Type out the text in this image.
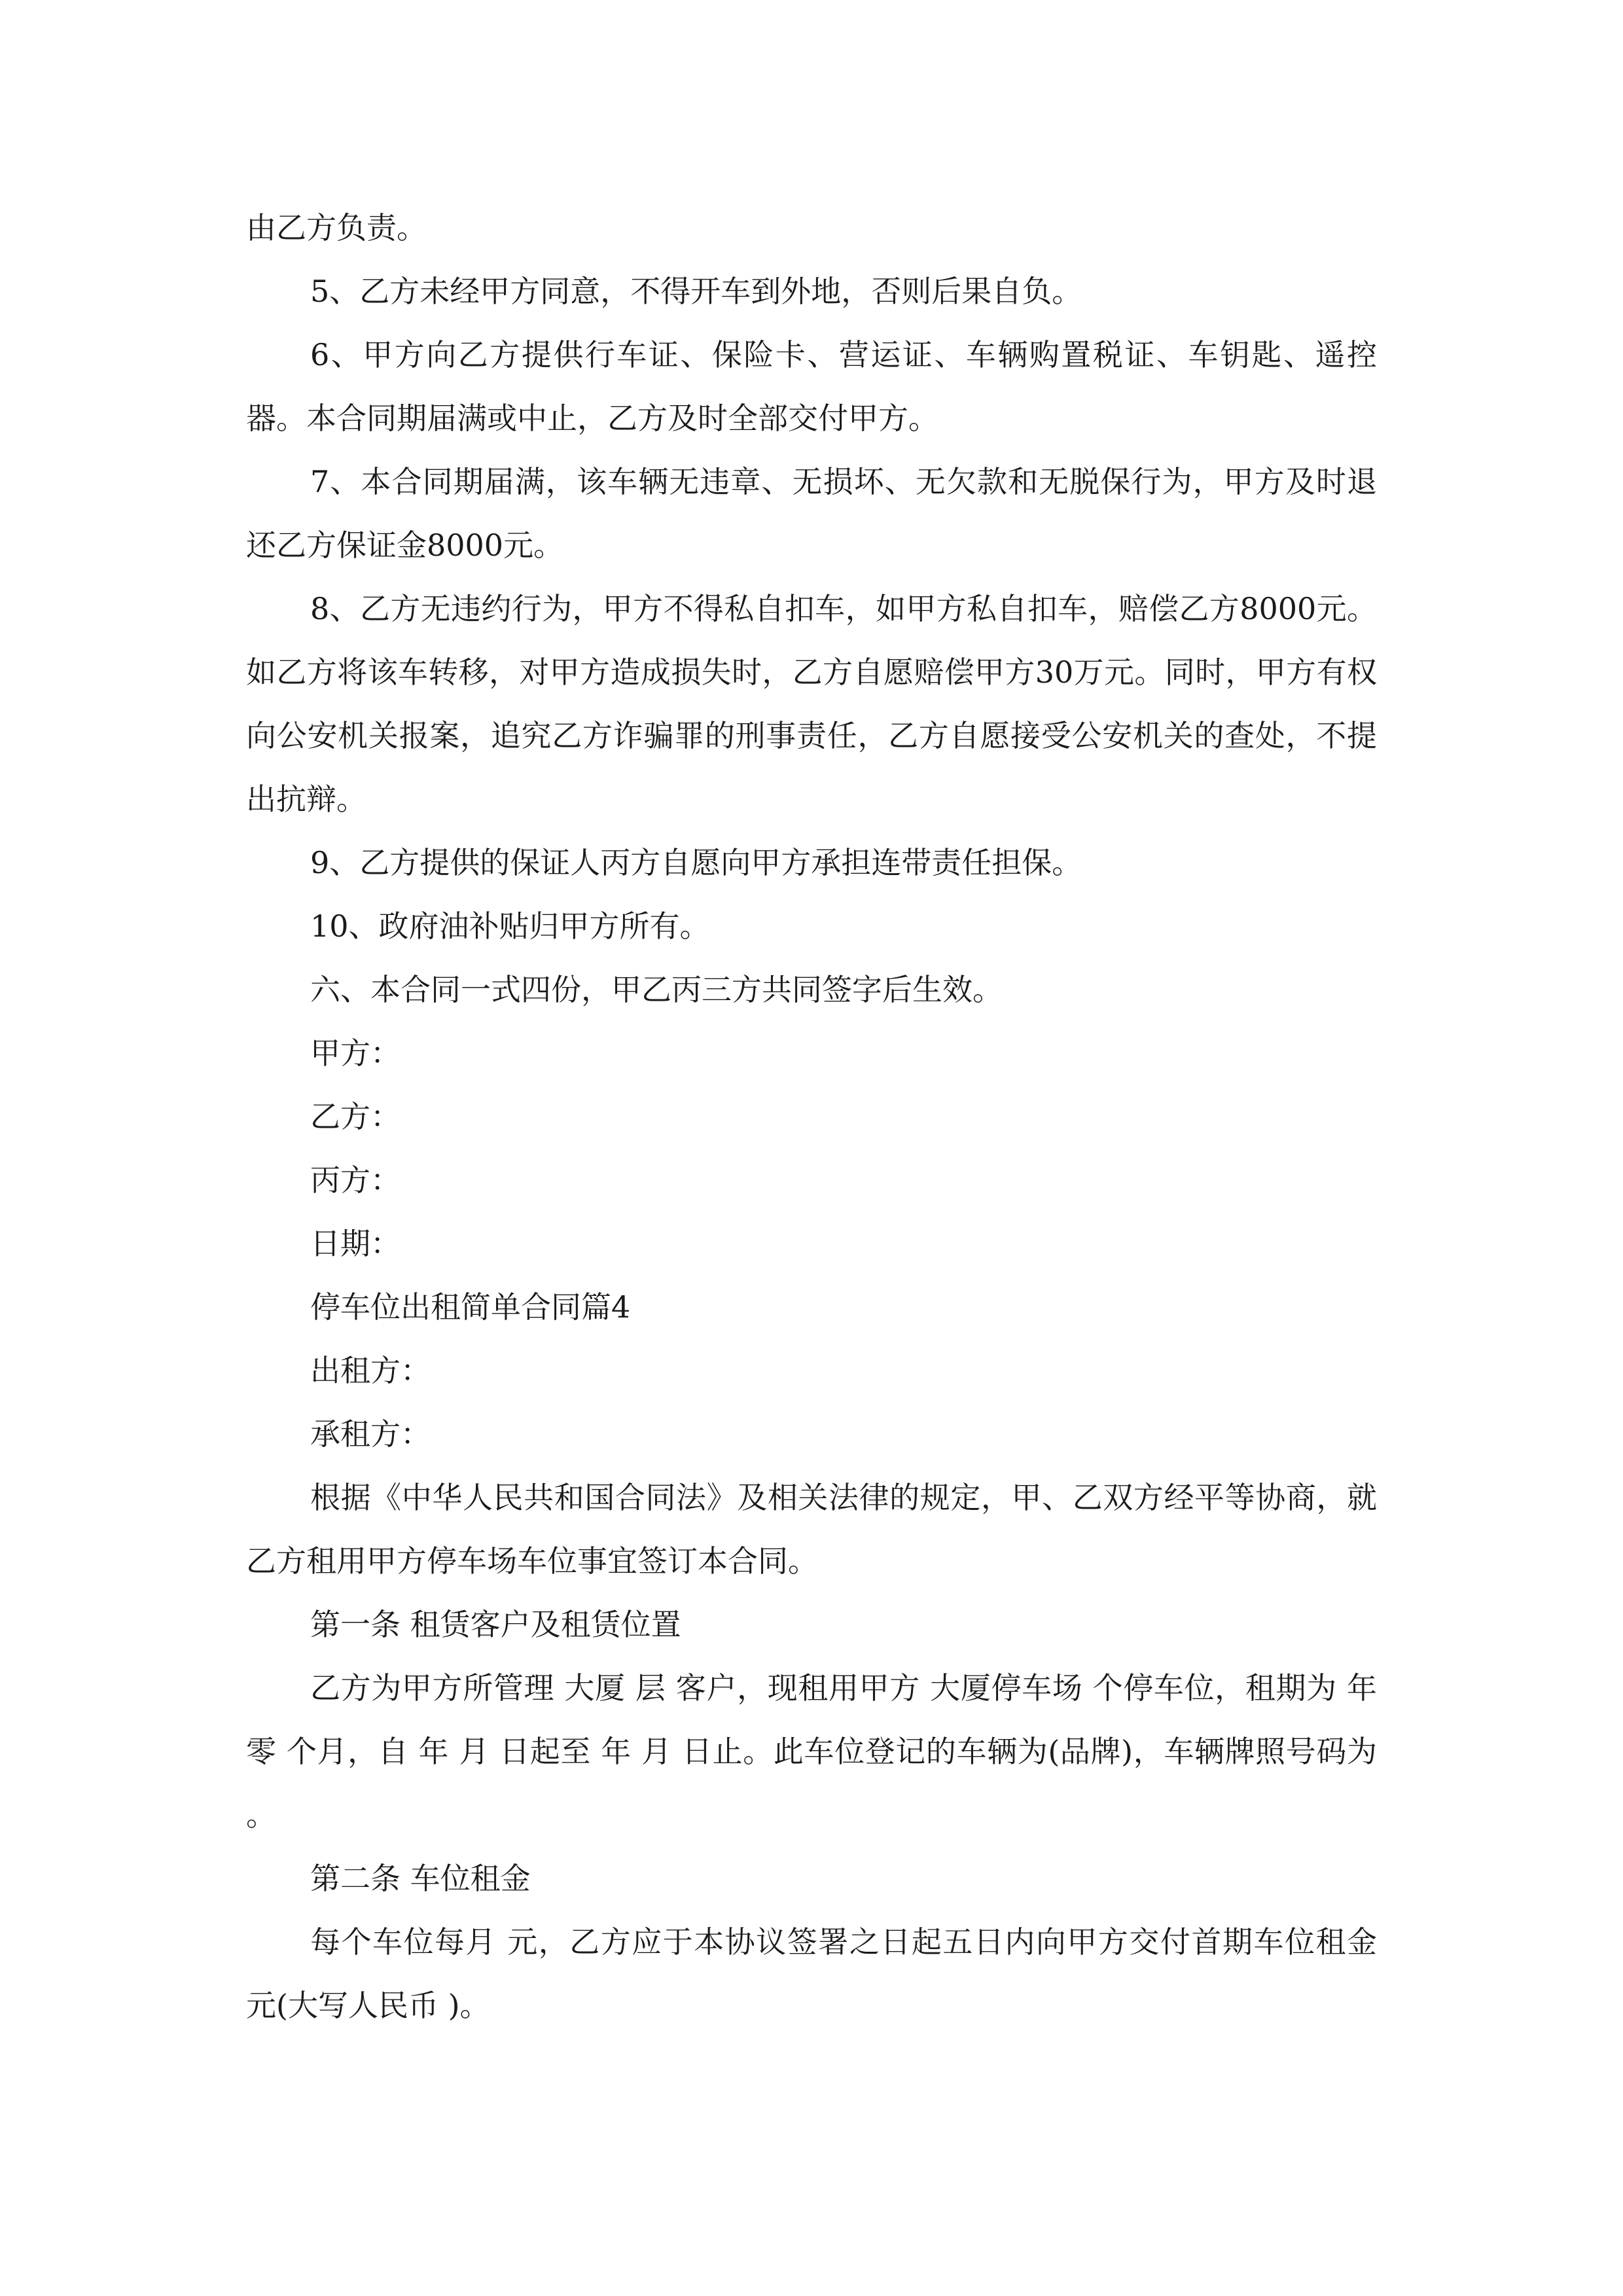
由乙方负责。

5、乙方未经甲方同意，不得开车到外地，否则后果自负。

6、甲方向乙方提供行车证、保险卡、营运证、车辆购置税证、车钥匙、遥控器。本合同期届满或中止，乙方及时全部交付甲方。

7、本合同期届满，该车辆无违章、无损坏、无欠款和无脱保行为，甲方及时退还乙方保证金8000元。

8、乙方无违约行为，甲方不得私自扣车，如甲方私自扣车，赔偿乙方8000元。如乙方将该车转移，对甲方造成损失时，乙方自愿赔偿甲方30万元。同时，甲方有权向公安机关报案，追究乙方诈骗罪的刑事责任，乙方自愿接受公安机关的查处，不提出抗辩。

9、乙方提供的保证人丙方自愿向甲方承担连带责任担保。

10、政府油补贴归甲方所有。

六、本合同一式四份，甲乙丙三方共同签字后生效。

甲方：

乙方：

丙方：

日期：

停车位出租简单合同篇4

出租方：

承租方：

根据《中华人民共和国合同法》及相关法律的规定，甲、乙双方经平等协商，就乙方租用甲方停车场车位事宜签订本合同。

第一条 租赁客户及租赁位置

乙方为甲方所管理 大厦 层 客户，现租用甲方 大厦停车场 个停车位，租期为 年零 个月，自 年 月 日起至 年 月 日止。此车位登记的车辆为(品牌)，车辆牌照号码为 。

第二条 车位租金

每个车位每月 元，乙方应于本协议签署之日起五日内向甲方交付首期车位租金 元(大写人民币 )。
